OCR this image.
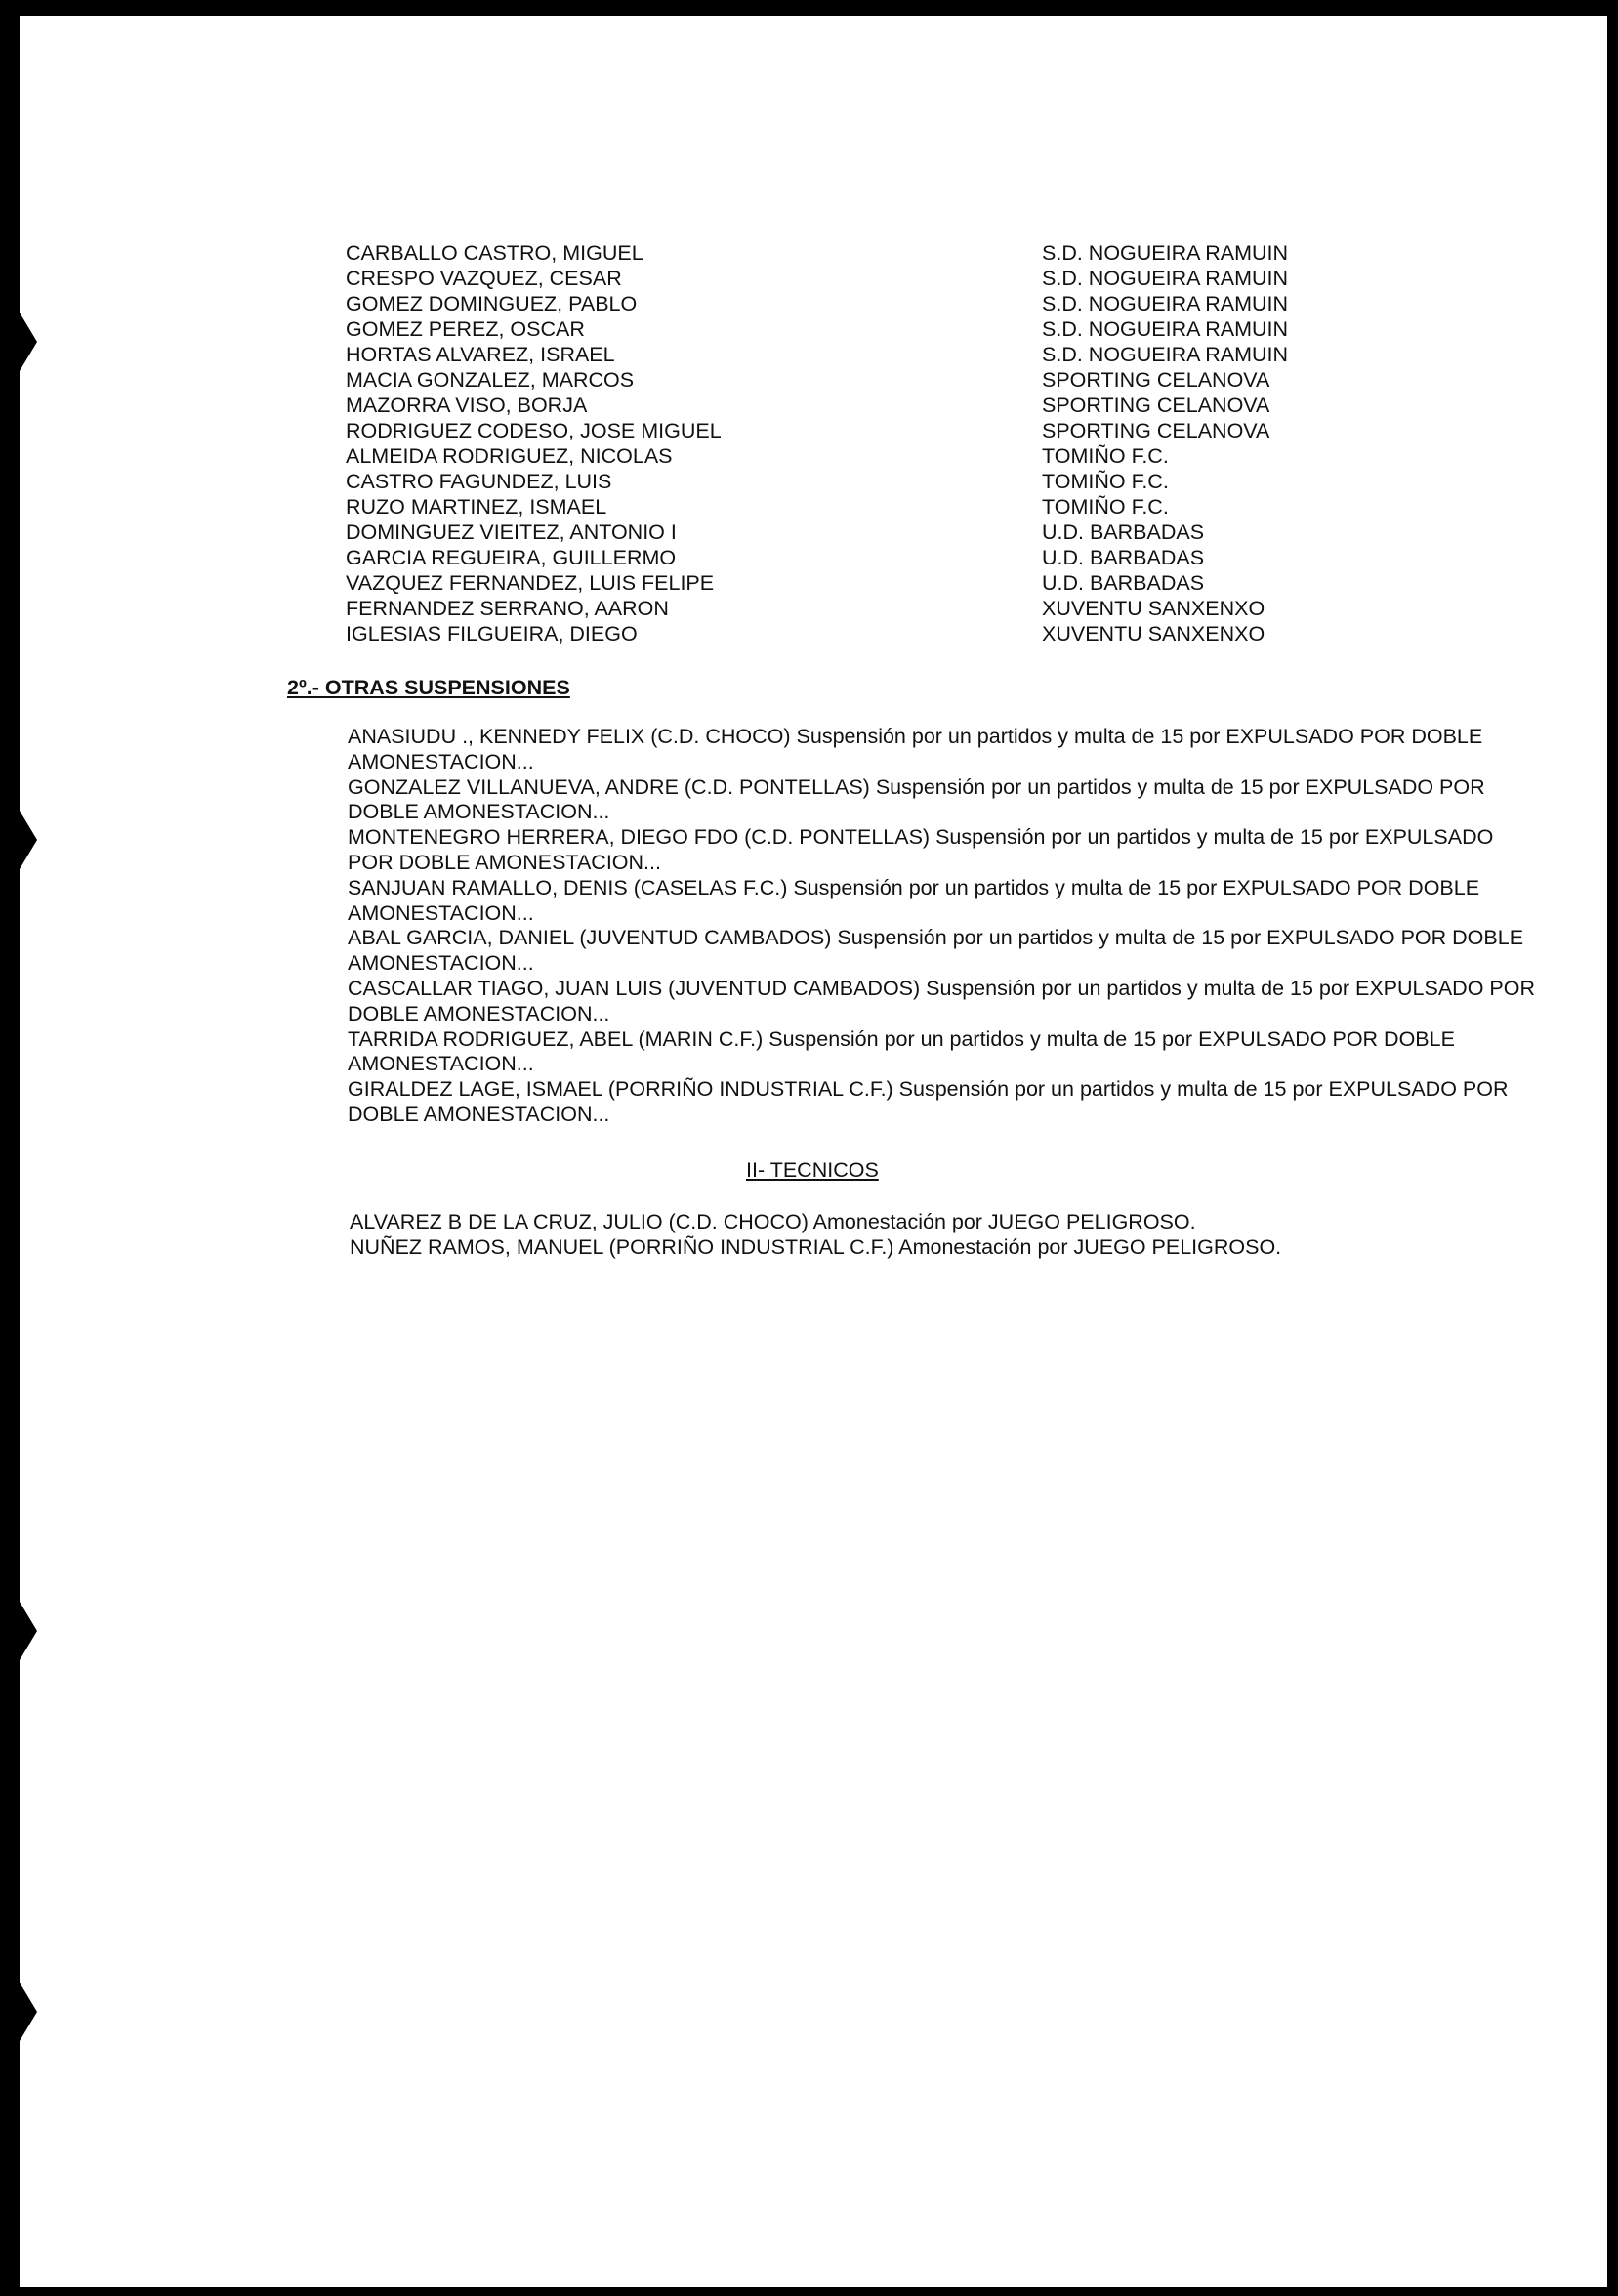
CARBALLO CASTRO, MIGUEL	S.D. NOGUEIRA RAMUIN
CRESPO VAZQUEZ, CESAR	S.D. NOGUEIRA RAMUIN
GOMEZ DOMINGUEZ, PABLO	S.D. NOGUEIRA RAMUIN
GOMEZ PEREZ, OSCAR	S.D. NOGUEIRA RAMUIN
HORTAS ALVAREZ, ISRAEL	S.D. NOGUEIRA RAMUIN
MACIA GONZALEZ, MARCOS	SPORTING CELANOVA
MAZORRA VISO, BORJA	SPORTING CELANOVA
RODRIGUEZ CODESO, JOSE MIGUEL	SPORTING CELANOVA
ALMEIDA RODRIGUEZ, NICOLAS	TOMIÑO F.C.
CASTRO FAGUNDEZ, LUIS	TOMIÑO F.C.
RUZO MARTINEZ, ISMAEL	TOMIÑO F.C.
DOMINGUEZ VIEITEZ, ANTONIO I	U.D. BARBADAS
GARCIA REGUEIRA, GUILLERMO	U.D. BARBADAS
VAZQUEZ FERNANDEZ, LUIS FELIPE	U.D. BARBADAS
FERNANDEZ SERRANO, AARON	XUVENTU SANXENXO
IGLESIAS FILGUEIRA, DIEGO	XUVENTU SANXENXO
2º.- OTRAS SUSPENSIONES

ANASIUDU ., KENNEDY FELIX (C.D. CHOCO) Suspensión por un partidos y multa de 15 por EXPULSADO POR DOBLE AMONESTACION...

GONZALEZ VILLANUEVA, ANDRE (C.D. PONTELLAS) Suspensión por un partidos y multa de 15 por EXPULSADO POR DOBLE AMONESTACION...

MONTENEGRO HERRERA, DIEGO FDO (C.D. PONTELLAS) Suspensión por un partidos y multa de 15 por EXPULSADO POR DOBLE AMONESTACION...

SANJUAN RAMALLO, DENIS (CASELAS F.C.) Suspensión por un partidos y multa de 15 por EXPULSADO POR DOBLE AMONESTACION...

ABAL GARCIA, DANIEL (JUVENTUD CAMBADOS) Suspensión por un partidos y multa de 15 por EXPULSADO POR DOBLE AMONESTACION...

CASCALLAR TIAGO, JUAN LUIS (JUVENTUD CAMBADOS) Suspensión por un partidos y multa de 15 por EXPULSADO POR DOBLE AMONESTACION...

TARRIDA RODRIGUEZ, ABEL (MARIN C.F.) Suspensión por un partidos y multa de 15 por EXPULSADO POR DOBLE AMONESTACION...

GIRALDEZ LAGE, ISMAEL (PORRIÑO INDUSTRIAL C.F.) Suspensión por un partidos y multa de 15 por EXPULSADO POR DOBLE AMONESTACION...

II- TECNICOS

ALVAREZ B DE LA CRUZ, JULIO (C.D. CHOCO) Amonestación por JUEGO PELIGROSO.

NUÑEZ RAMOS, MANUEL (PORRIÑO INDUSTRIAL C.F.) Amonestación por JUEGO PELIGROSO.
